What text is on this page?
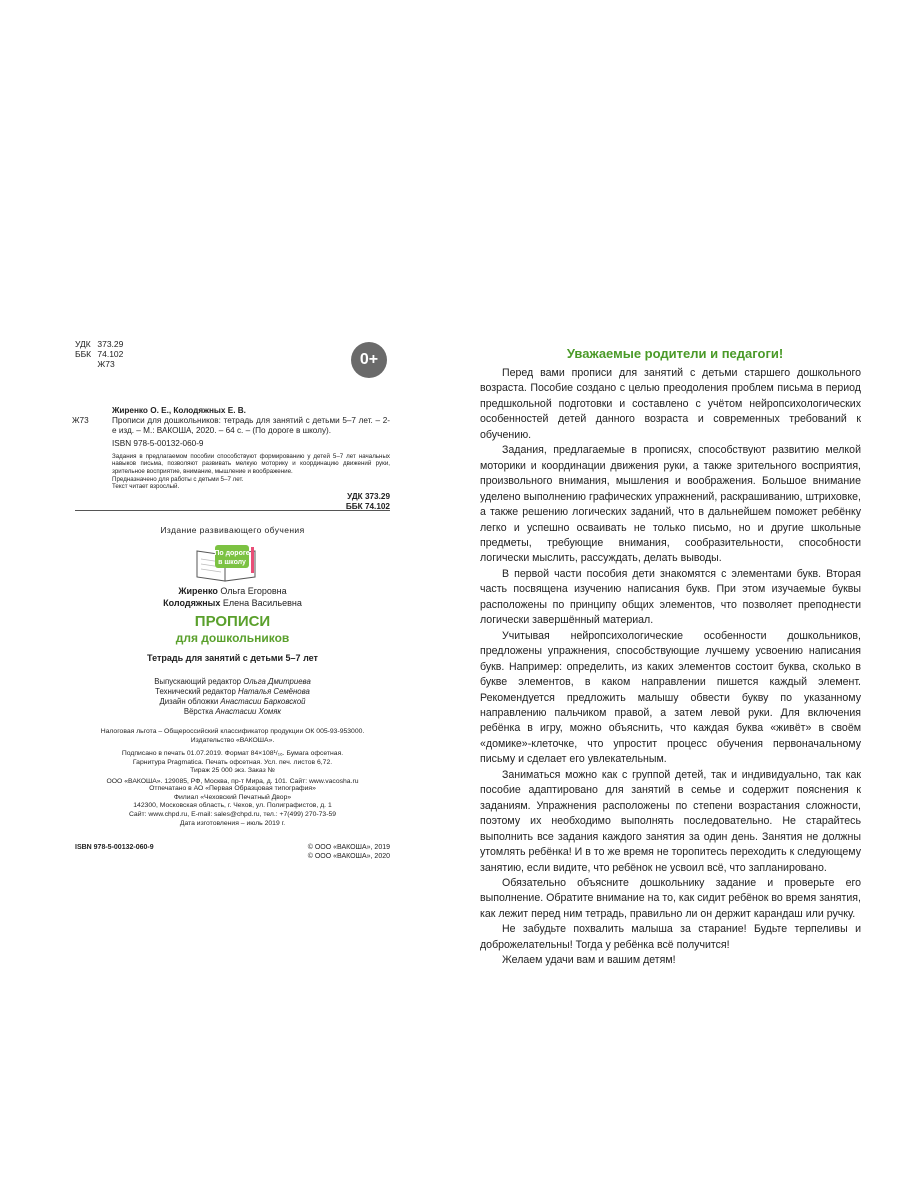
УДК 373.29
ББК 74.102
Ж73	0+
Жиренко О. Е., Колодяжных Е. В.
Ж73	Прописи для дошкольников: тетрадь для занятий с детьми 5–7 лет. – 2-е изд. – М.: ВАКОША, 2020. – 64 с. – (По дороге в школу).
ISBN 978-5-00132-060-9
Задания в предлагаемом пособии способствуют формированию у детей 5–7 лет начальных навыков письма, позволяют развивать мелкую моторику и координацию движений руки, зрительное восприятие, внимание, мышление и воображение.
Предназначено для работы с детьми 5–7 лет.
Текст читает взрослый.
УДК 373.29
ББК 74.102
Издание развивающего обучения
По дороге
в школу
Жиренко Ольга Егоровна
Колодяжных Елена Васильевна
ПРОПИСИ
для дошкольников
Тетрадь для занятий с детьми 5–7 лет
Выпускающий редактор Ольга Дмитриева
Технический редактор Наталья Семёнова
Дизайн обложки Анастасии Барковской
Вёрстка Анастасии Хомяк
Налоговая льгота – Общероссийский классификатор продукции ОК 005-93-953000.
Издательство «ВАКОША».
Подписано в печать 01.07.2019. Формат 84×108¹/₁₆. Бумага офсетная.
Гарнитура Pragmatica. Печать офсетная. Усл. печ. листов 6,72.
Тираж 25 000 экз. Заказ №
ООО «ВАКОША». 129085, РФ, Москва, пр-т Мира, д. 101. Сайт: www.vacosha.ru
Отпечатано в АО «Первая Образцовая типография»
Филиал «Чеховский Печатный Двор»
142300, Московская область, г. Чехов, ул. Полиграфистов, д. 1
Сайт: www.chpd.ru, E-mail: sales@chpd.ru, тел.: +7(499) 270-73-59
Дата изготовления – июль 2019 г.
ISBN 978-5-00132-060-9	© ООО «ВАКОША», 2019
© ООО «ВАКОША», 2020
Уважаемые родители и педагоги!

Перед вами прописи для занятий с детьми старшего дошкольного возраста. Пособие создано с целью преодоления проблем письма в период предшкольной подготовки и составлено с учётом нейропсихологических особенностей детей данного возраста и современных требований к обучению.

Задания, предлагаемые в прописях, способствуют развитию мелкой моторики и координации движения руки, а также зрительного восприятия, произвольного внимания, мышления и воображения. Большое внимание уделено выполнению графических упражнений, раскрашиванию, штриховке, а также решению логических заданий, что в дальнейшем поможет ребёнку легко и успешно осваивать не только письмо, но и другие школьные предметы, требующие внимания, сообразительности, способности логически мыслить, рассуждать, делать выводы.

В первой части пособия дети знакомятся с элементами букв. Вторая часть посвящена изучению написания букв. При этом изучаемые буквы расположены по принципу общих элементов, что позволяет преподнести логически завершённый материал.

Учитывая нейропсихологические особенности дошкольников, предложены упражнения, способствующие лучшему усвоению написания букв. Например: определить, из каких элементов состоит буква, сколько в букве элементов, в каком направлении пишется каждый элемент. Рекомендуется предложить малышу обвести букву по указанному направлению пальчиком правой, а затем левой руки. Для включения ребёнка в игру, можно объяснить, что каждая буква «живёт» в своём «домике»-клеточке, что упростит процесс обучения первоначальному письму и сделает его увлекательным.

Заниматься можно как с группой детей, так и индивидуально, так как пособие адаптировано для занятий в семье и содержит пояснения к заданиям. Упражнения расположены по степени возрастания сложности, поэтому их необходимо выполнять последовательно. Не старайтесь выполнить все задания каждого занятия за один день. Занятия не должны утомлять ребёнка! И в то же время не торопитесь переходить к следующему занятию, если видите, что ребёнок не усвоил всё, что запланировано.

Обязательно объясните дошкольнику задание и проверьте его выполнение. Обратите внимание на то, как сидит ребёнок во время занятия, как лежит перед ним тетрадь, правильно ли он держит карандаш или ручку.

Не забудьте похвалить малыша за старание! Будьте терпеливы и доброжелательны! Тогда у ребёнка всё получится!

Желаем удачи вам и вашим детям!
